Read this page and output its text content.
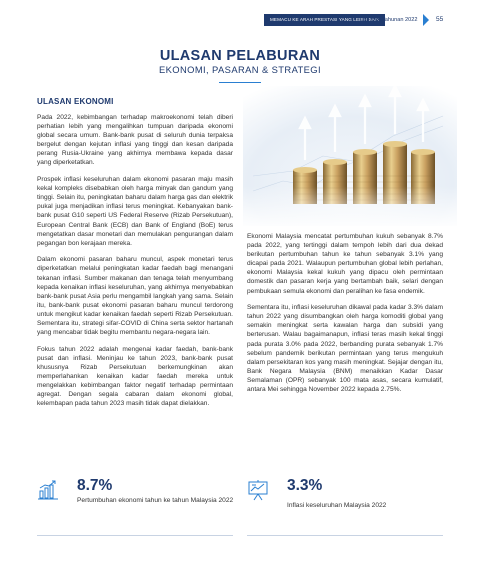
MEMACU KE ARAH PRESTASI YANG LEBIH BAIK
Laporan Tahunan 2022	55
ULASAN PELABURAN
EKONOMI, PASARAN & STRATEGI
ULASAN EKONOMI

Pada 2022, kebimbangan terhadap makroekonomi telah diberi perhatian lebih yang mengalihkan tumpuan daripada ekonomi global secara umum. Bank-bank pusat di seluruh dunia terpaksa bergelut dengan kejutan inflasi yang tinggi dan kesan daripada perang Rusia-Ukraine yang akhirnya membawa kepada dasar yang diperketatkan.

Prospek inflasi keseluruhan dalam ekonomi pasaran maju masih kekal kompleks disebabkan oleh harga minyak dan gandum yang tinggi. Selain itu, peningkatan baharu dalam harga gas dan elektrik pukal juga menjadikan inflasi terus meningkat. Kebanyakan bank-bank pusat G10 seperti US Federal Reserve (Rizab Persekutuan), European Central Bank (ECB) dan Bank of England (BoE) terus mengetatkan dasar monetari dan memulakan pengurangan dalam pegangan bon kerajaan mereka.

Dalam ekonomi pasaran baharu muncul, aspek monetari terus diperketatkan melalui peningkatan kadar faedah bagi menangani tekanan inflasi. Sumber makanan dan tenaga telah menyumbang kepada kenaikan inflasi keseluruhan, yang akhirnya menyebabkan bank-bank pusat Asia perlu mengambil langkah yang sama. Selain itu, bank-bank pusat ekonomi pasaran baharu muncul terdorong untuk mengikut kadar kenaikan faedah seperti Rizab Persekutuan. Sementara itu, strategi sifar-COVID di China serta sektor hartanah yang mencabar tidak begitu membantu negara-negara lain.

Fokus tahun 2022 adalah mengenai kadar faedah, bank-bank pusat dan inflasi. Meninjau ke tahun 2023, bank-bank pusat khususnya Rizab Persekutuan berkemungkinan akan memperlahankan kenaikan kadar faedah mereka untuk mengelakkan kebimbangan faktor negatif terhadap permintaan agregat. Dengan segala cabaran dalam ekonomi global, kelembapan pada tahun 2023 masih tidak dapat dielakkan.

Ekonomi Malaysia mencatat pertumbuhan kukuh sebanyak 8.7% pada 2022, yang tertinggi dalam tempoh lebih dari dua dekad berikutan pertumbuhan tahun ke tahun sebanyak 3.1% yang dicapai pada 2021. Walaupun pertumbuhan global lebih perlahan, ekonomi Malaysia kekal kukuh yang dipacu oleh permintaan domestik dan pasaran kerja yang bertambah baik, selari dengan pembukaan semula ekonomi dan peralihan ke fasa endemik.

Sementara itu, inflasi keseluruhan dikawal pada kadar 3.3% dalam tahun 2022 yang disumbangkan oleh harga komoditi global yang semakin meningkat serta kawalan harga dan subsidi yang berterusan. Walau bagaimanapun, inflasi teras masih kekal tinggi pada purata 3.0% pada 2022, berbanding purata sebanyak 1.7% sebelum pandemik berikutan permintaan yang terus mengukuh dalam persekitaran kos yang masih meningkat. Sejajar dengan itu, Bank Negara Malaysia (BNM) menaikkan Kadar Dasar Semalaman (OPR) sebanyak 100 mata asas, secara kumulatif, antara Mei sehingga November 2022 kepada 2.75%.

8.7%
Pertumbuhan ekonomi tahun ke tahun Malaysia 2022
3.3%
Inflasi keseluruhan Malaysia 2022
